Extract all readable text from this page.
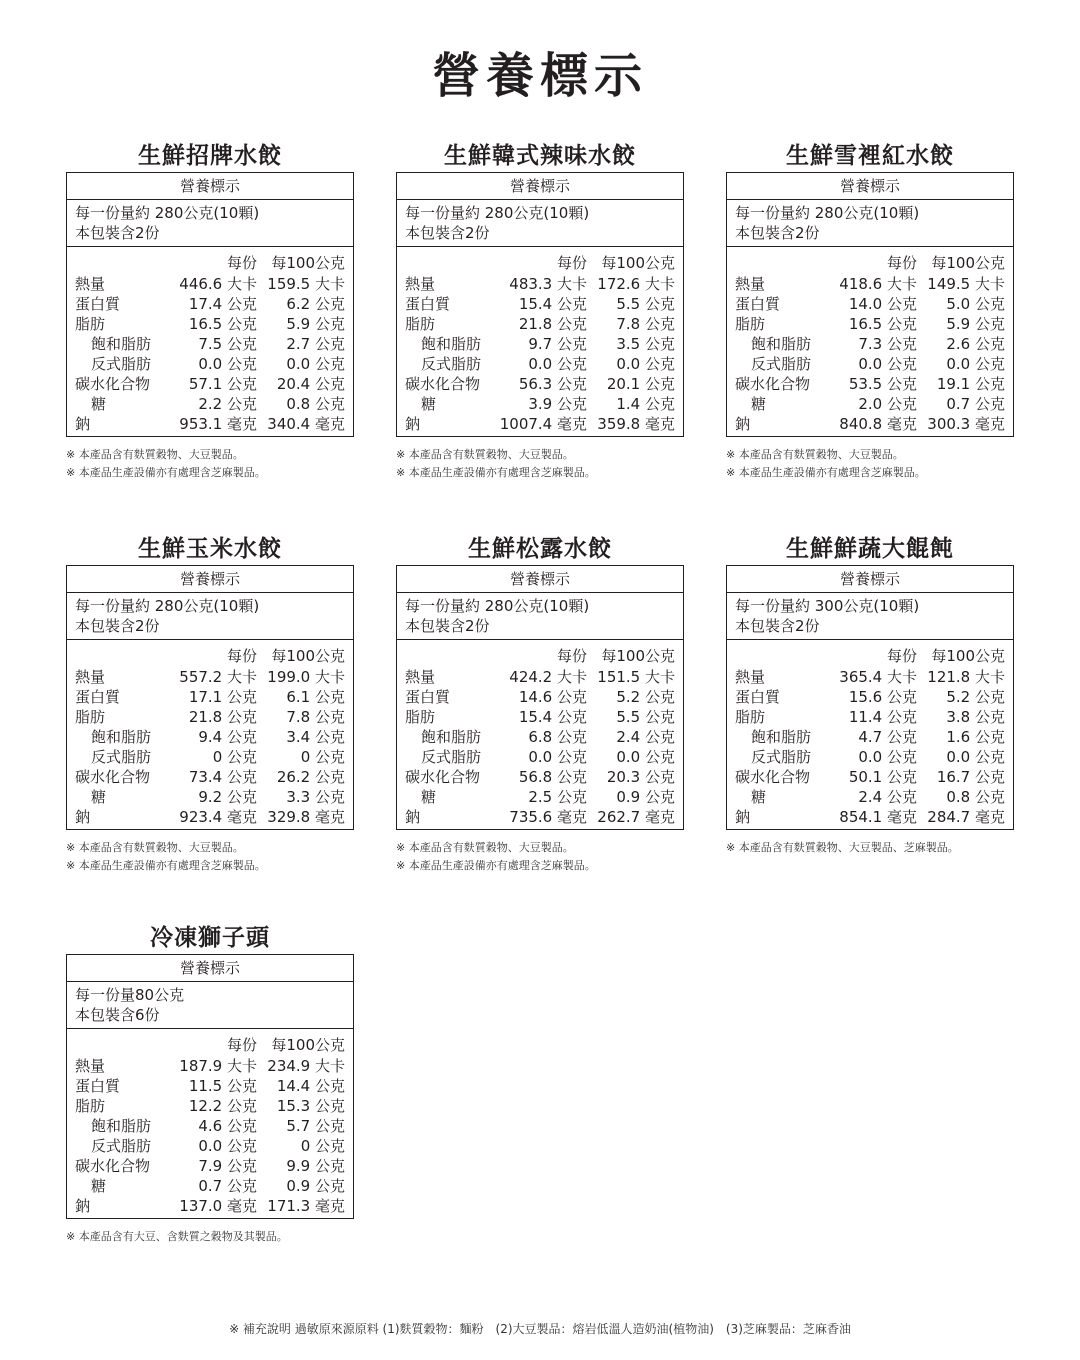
營養標示
生鮮招牌水餃
營養標示
每一份量約 280公克(10顆)
本包裝含2份
每份 每100公克
熱量	446.6 大卡 159.5 大卡
蛋白質	17.4 公克	6.2 公克
脂肪	16.5 公克	5.9 公克
飽和脂肪	7.5 公克	2.7 公克
反式脂肪	0.0 公克	0.0 公克
碳水化合物	57.1 公克	20.4 公克
糖	2.2 公克	0.8 公克
鈉	953.1 毫克 340.4 毫克
※ 本產品含有麩質穀物、大豆製品。
※ 本產品生產設備亦有處理含芝麻製品。
生鮮韓式辣味水餃
營養標示
每一份量約 280公克(10顆)
本包裝含2份
每份 每100公克
熱量	483.3 大卡 172.6 大卡
蛋白質	15.4 公克	5.5 公克
脂肪	21.8 公克	7.8 公克
飽和脂肪	9.7 公克	3.5 公克
反式脂肪	0.0 公克	0.0 公克
碳水化合物	56.3 公克	20.1 公克
糖	3.9 公克	1.4 公克
鈉	1007.4 毫克 359.8 毫克
※ 本產品含有麩質穀物、大豆製品。
※ 本產品生產設備亦有處理含芝麻製品。
生鮮雪裡紅水餃
營養標示
每一份量約 280公克(10顆)
本包裝含2份
每份 每100公克
熱量	418.6 大卡 149.5 大卡
蛋白質	14.0 公克	5.0 公克
脂肪	16.5 公克	5.9 公克
飽和脂肪	7.3 公克	2.6 公克
反式脂肪	0.0 公克	0.0 公克
碳水化合物	53.5 公克	19.1 公克
糖	2.0 公克	0.7 公克
鈉	840.8 毫克 300.3 毫克
※ 本產品含有麩質穀物、大豆製品。
※ 本產品生產設備亦有處理含芝麻製品。
生鮮玉米水餃
營養標示
每一份量約 280公克(10顆)
本包裝含2份
每份 每100公克
熱量	557.2 大卡 199.0 大卡
蛋白質	17.1 公克	6.1 公克
脂肪	21.8 公克	7.8 公克
飽和脂肪	9.4 公克	3.4 公克
反式脂肪	0 公克	0 公克
碳水化合物	73.4 公克	26.2 公克
糖	9.2 公克	3.3 公克
鈉	923.4 毫克 329.8 毫克
※ 本產品含有麩質穀物、大豆製品。
※ 本產品生產設備亦有處理含芝麻製品。
生鮮松露水餃
營養標示
每一份量約 280公克(10顆)
本包裝含2份
每份 每100公克
熱量	424.2 大卡 151.5 大卡
蛋白質	14.6 公克	5.2 公克
脂肪	15.4 公克	5.5 公克
飽和脂肪	6.8 公克	2.4 公克
反式脂肪	0.0 公克	0.0 公克
碳水化合物	56.8 公克	20.3 公克
糖	2.5 公克	0.9 公克
鈉	735.6 毫克 262.7 毫克
※ 本產品含有麩質穀物、大豆製品。
※ 本產品生產設備亦有處理含芝麻製品。
生鮮鮮蔬大餛飩
營養標示
每一份量約 300公克(10顆)
本包裝含2份
每份 每100公克
熱量	365.4 大卡 121.8 大卡
蛋白質	15.6 公克	5.2 公克
脂肪	11.4 公克	3.8 公克
飽和脂肪	4.7 公克	1.6 公克
反式脂肪	0.0 公克	0.0 公克
碳水化合物	50.1 公克	16.7 公克
糖	2.4 公克	0.8 公克
鈉	854.1 毫克 284.7 毫克
※ 本產品含有麩質穀物、大豆製品、芝麻製品。
冷凍獅子頭
營養標示
每一份量80公克
本包裝含6份
每份 每100公克
熱量	187.9 大卡 234.9 大卡
蛋白質	11.5 公克	14.4 公克
脂肪	12.2 公克	15.3 公克
飽和脂肪	4.6 公克	5.7 公克
反式脂肪	0.0 公克	0 公克
碳水化合物	7.9 公克	9.9 公克
糖	0.7 公克	0.9 公克
鈉	137.0 毫克 171.3 毫克
※ 本產品含有大豆、含麩質之穀物及其製品。
※ 補充說明 過敏原來源原料 (1)麩質穀物：麵粉　(2)大豆製品：熔岩低溫人造奶油(植物油)　(3)芝麻製品：芝麻香油
